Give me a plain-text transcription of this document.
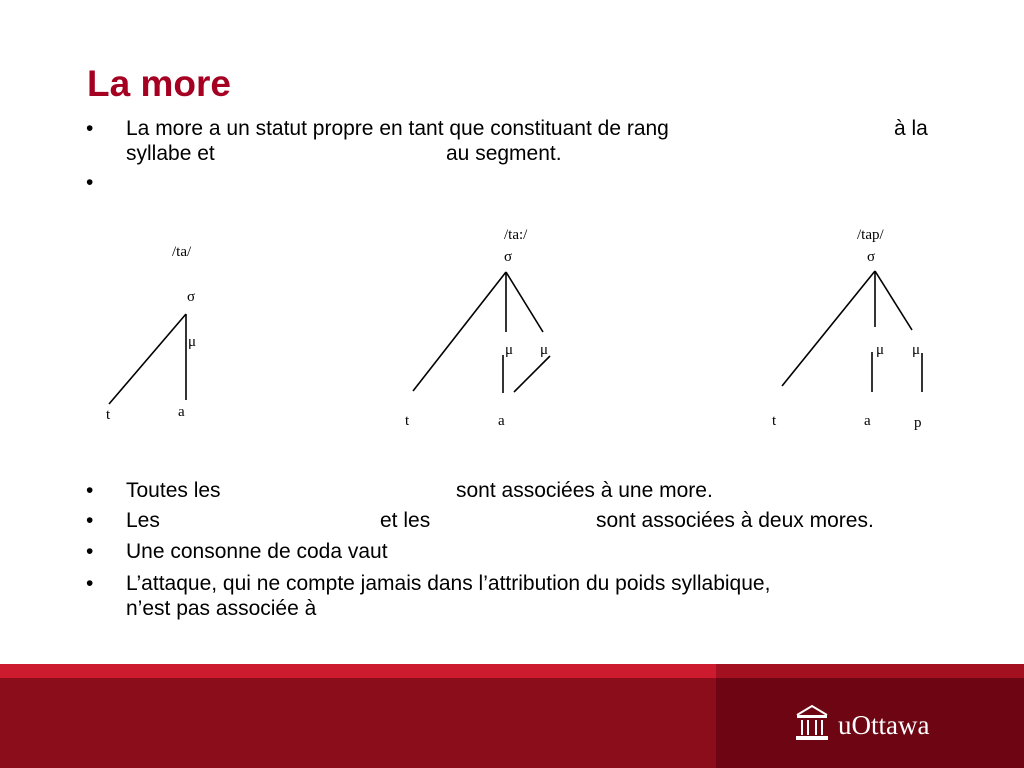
La more
•	La more a un statut propre en tant que constituant de rang	à la
syllabe et	au segment.
•
/ta/
σ
μ
t	a
/ta:/
σ
μ μ
t	a
/tap/
σ
μ μ
t	a	p
•	Toutes les	sont associées à une more.
•	Les	et les	sont associées à deux mores.
•	Une consonne de coda vaut
•	L’attaque, qui ne compte jamais dans l’attribution du poids syllabique,
n’est pas associée à
uOttawa
